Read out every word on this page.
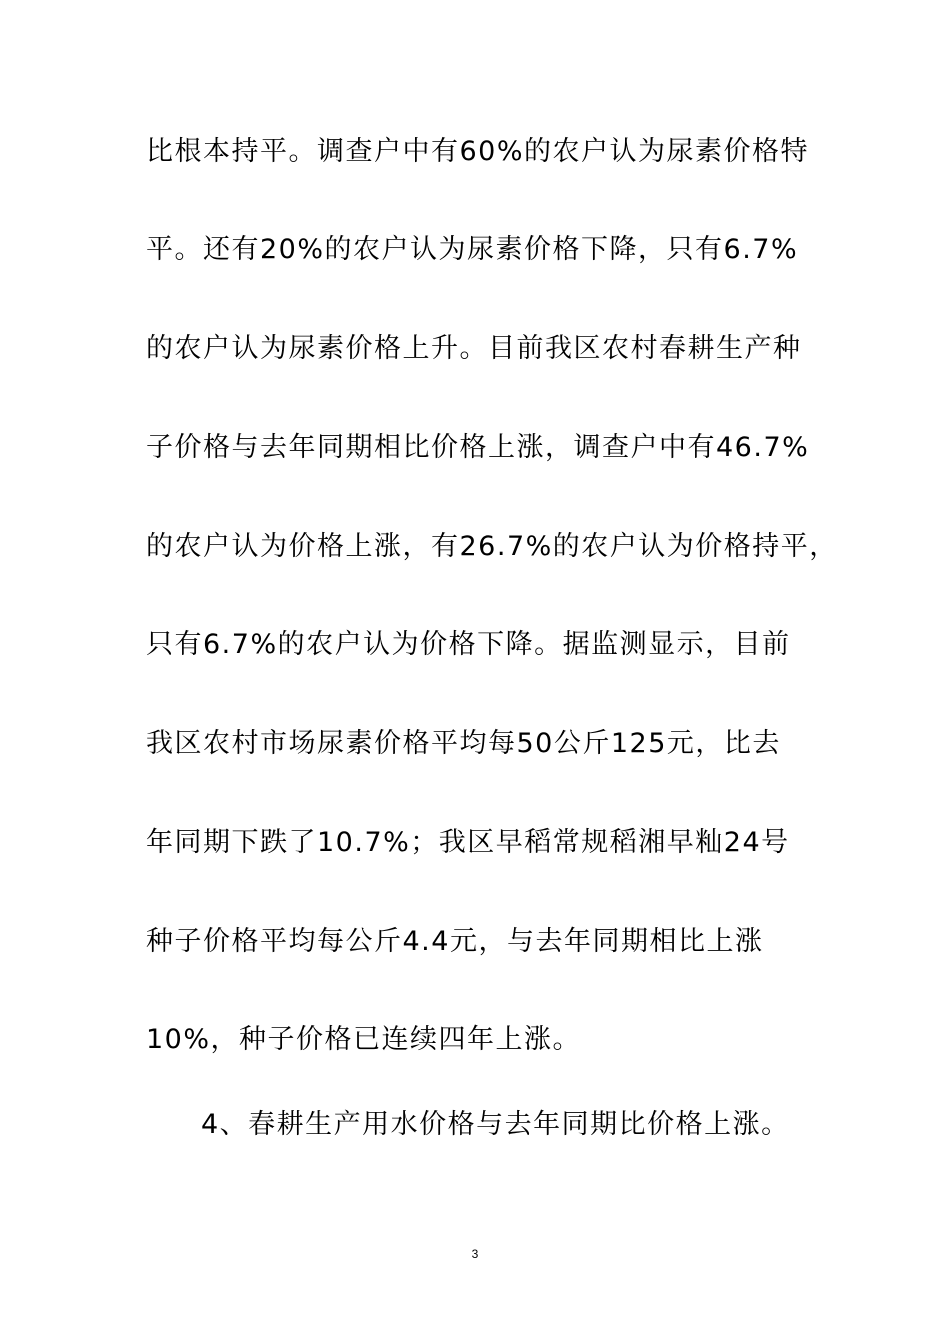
比根本持平。调查户中有60%的农户认为尿素价格特
平。还有20%的农户认为尿素价格下降，只有6.7%
的农户认为尿素价格上升。目前我区农村春耕生产种
子价格与去年同期相比价格上涨，调查户中有46.7%
的农户认为价格上涨，有26.7%的农户认为价格持平，
只有6.7%的农户认为价格下降。据监测显示，目前
我区农村市场尿素价格平均每50公斤125元，比去
年同期下跌了10.7%；我区早稻常规稻湘早籼24号
种子价格平均每公斤4.4元，与去年同期相比上涨
10%，种子价格已连续四年上涨。
4、春耕生产用水价格与去年同期比价格上涨。
3
